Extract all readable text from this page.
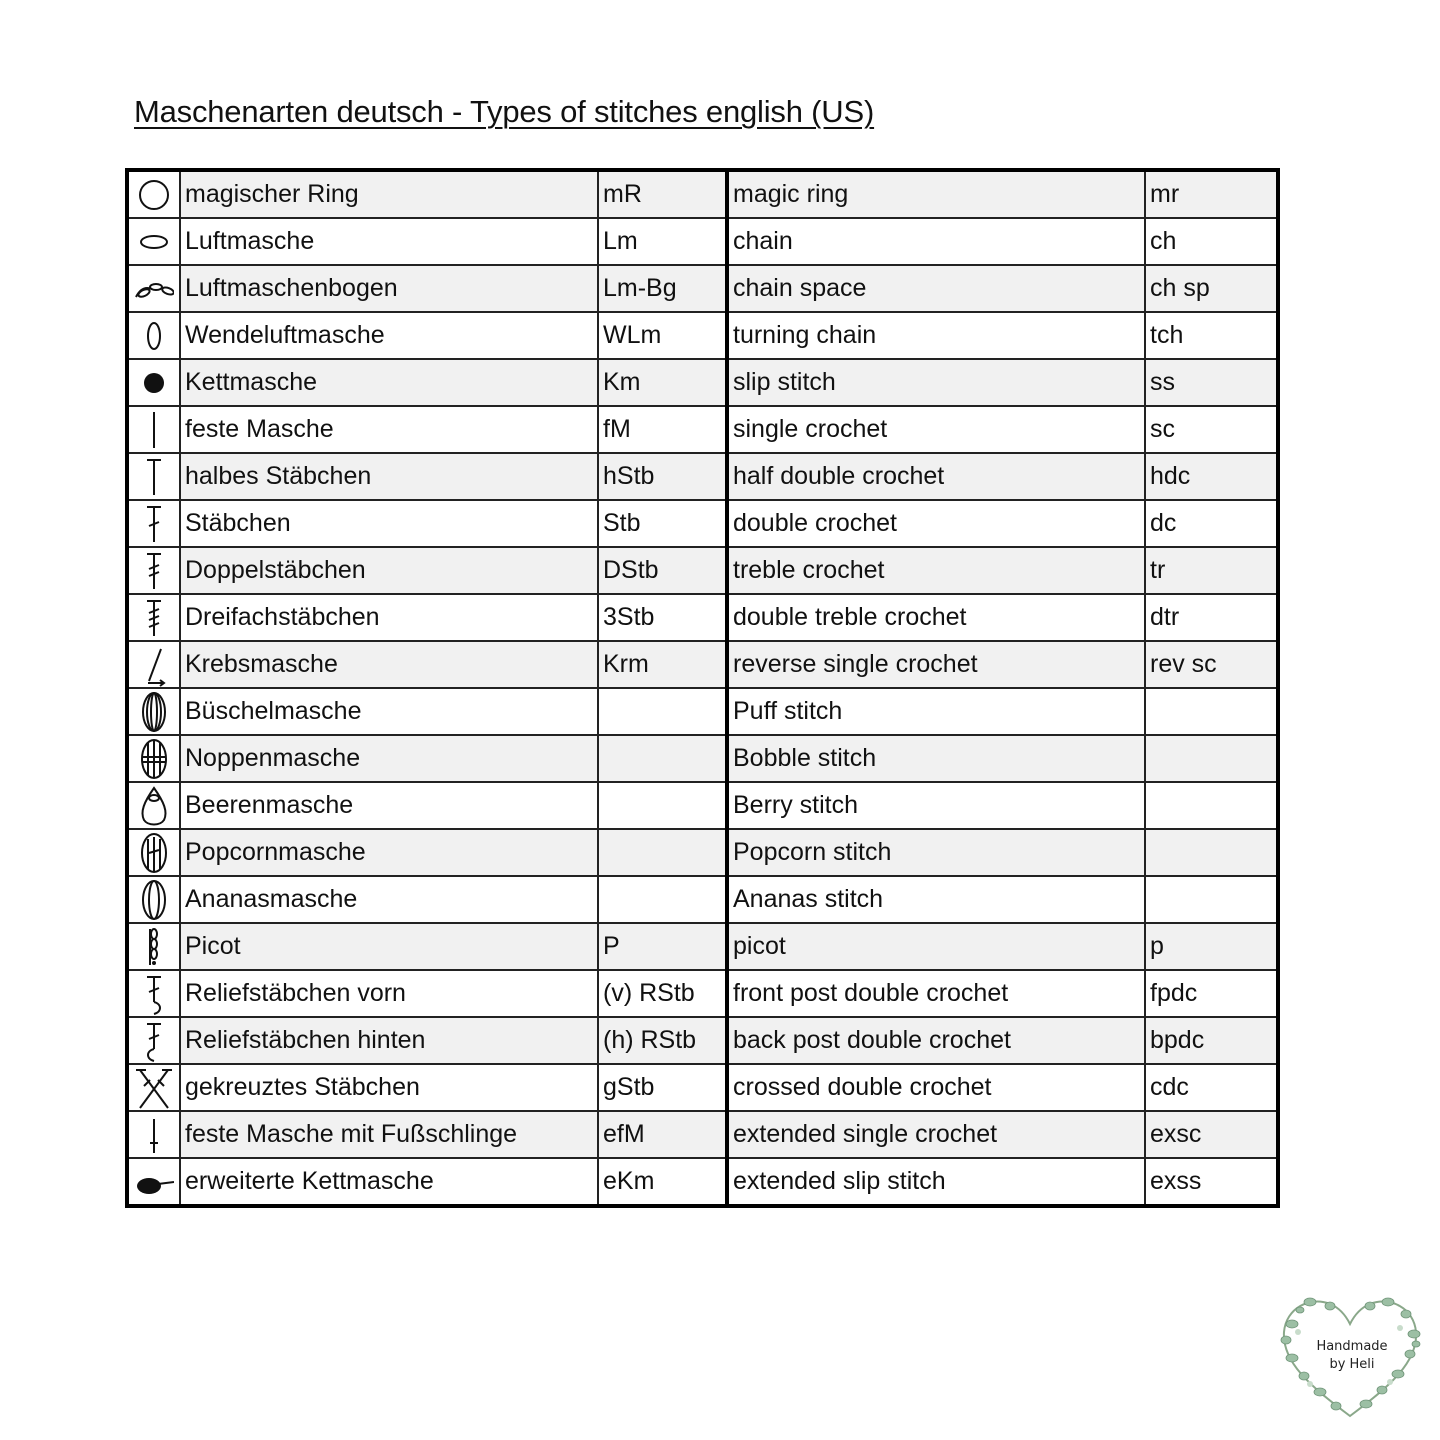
Maschenarten deutsch - Types of stitches english (US)
	magischer Ring	mR	magic ring	mr

	Luftmasche	Lm	chain	ch

	Luftmaschenbogen	Lm-Bg	chain space	ch sp

	Wendeluftmasche	WLm	turning chain	tch

	Kettmasche	Km	slip stitch	ss

	feste Masche	fM	single crochet	sc

	halbes Stäbchen	hStb	half double crochet	hdc

	Stäbchen	Stb	double crochet	dc

	Doppelstäbchen	DStb	treble crochet	tr

	Dreifachstäbchen	3Stb	double treble crochet	dtr

	Krebsmasche	Krm	reverse single crochet	rev sc

	Büschelmasche		Puff stitch	

	Noppenmasche		Bobble stitch	

	Beerenmasche		Berry stitch	

	Popcornmasche		Popcorn stitch	

	Ananasmasche		Ananas stitch	

	Picot	P	picot	p

	Reliefstäbchen vorn	(v) RStb	front post double crochet	fpdc

	Reliefstäbchen hinten	(h) RStb	back post double crochet	bpdc

	gekreuztes Stäbchen	gStb	crossed double crochet	cdc

	feste Masche mit Fußschlinge	efM	extended single crochet	exsc

	erweiterte Kettmasche	eKm	extended slip stitch	exss
Handmade
by Heli
